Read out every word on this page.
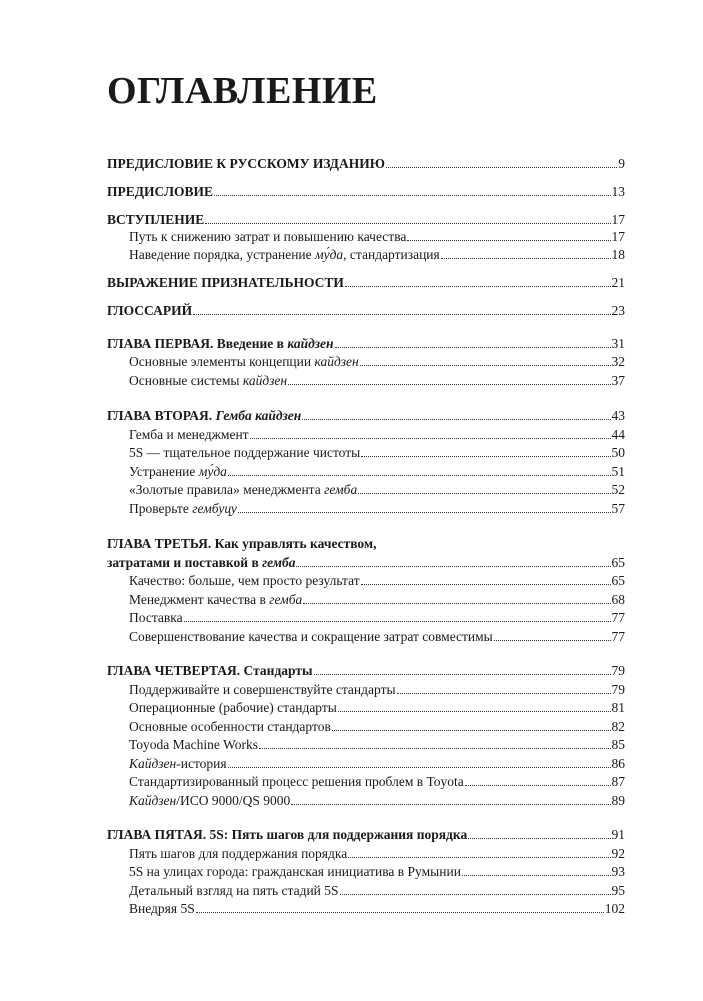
ОГЛАВЛЕНИЕ
ПРЕДИСЛОВИЕ К РУССКОМУ ИЗДАНИЮ	9
ПРЕДИСЛОВИЕ	13
ВСТУПЛЕНИЕ	17
Путь к снижению затрат и повышению качества	17
Наведение порядка, устранение му́да, стандартизация	18
ВЫРАЖЕНИЕ ПРИЗНАТЕЛЬНОСТИ	21
ГЛОССАРИЙ	23
ГЛАВА ПЕРВАЯ. Введение в кайдзен	31
Основные элементы концепции кайдзен	32
Основные системы кайдзен	37
ГЛАВА ВТОРАЯ. Гемба кайдзен	43
Гемба и менеджмент	44
5S — тщательное поддержание чистоты	50
Устранение му́да	51
«Золотые правила» менеджмента гемба	52
Проверьте гембуцу	57
ГЛАВА ТРЕТЬЯ. Как управлять качеством,
затратами и поставкой в гемба	65
Качество: больше, чем просто результат	65
Менеджмент качества в гемба	68
Поставка	77
Совершенствование качества и сокращение затрат совместимы	77
ГЛАВА ЧЕТВЕРТАЯ. Стандарты	79
Поддерживайте и совершенствуйте стандарты	79
Операционные (рабочие) стандарты	81
Основные особенности стандартов	82
Toyoda Machine Works	85
Кайдзен-история	86
Стандартизированный процесс решения проблем в Toyota	87
Кайдзен/ИСО 9000/QS 9000	89
ГЛАВА ПЯТАЯ. 5S: Пять шагов для поддержания порядка	91
Пять шагов для поддержания порядка	92
5S на улицах города: гражданская инициатива в Румынии	93
Детальный взгляд на пять стадий 5S	95
Внедряя 5S	102
